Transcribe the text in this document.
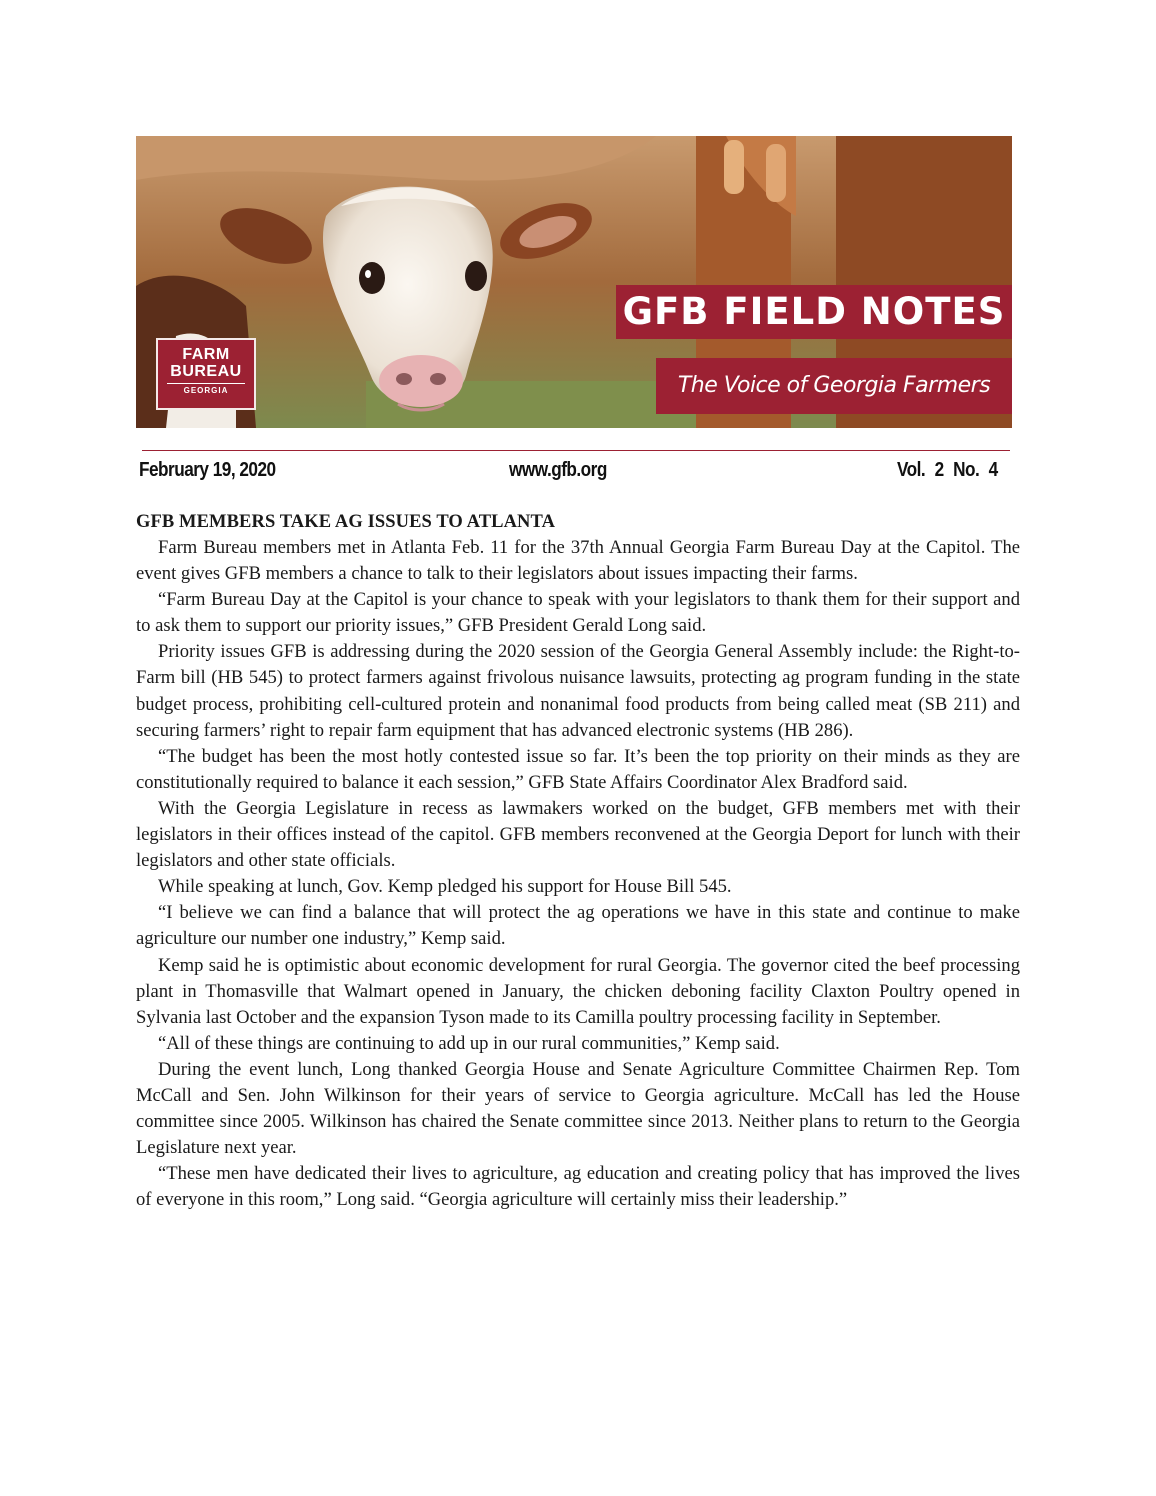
FARM
BUREAU
GEORGIA
GFB FIELD NOTES
The Voice of Georgia Farmers
February 19, 2020	www.gfb.org	Vol. 2 No. 4
GFB MEMBERS TAKE AG ISSUES TO ATLANTA

Farm Bureau members met in Atlanta Feb. 11 for the 37th Annual Georgia Farm Bureau Day at the Capitol. The event gives GFB members a chance to talk to their legislators about issues impacting their farms.

“Farm Bureau Day at the Capitol is your chance to speak with your legislators to thank them for their support and to ask them to support our priority issues,” GFB President Gerald Long said.

Priority issues GFB is addressing during the 2020 session of the Georgia General Assembly include: the Right-to-Farm bill (HB 545) to protect farmers against frivolous nuisance lawsuits, protecting ag program funding in the state budget process, prohibiting cell-cultured protein and nonanimal food products from being called meat (SB 211) and securing farmers’ right to repair farm equipment that has advanced electronic systems (HB 286).

“The budget has been the most hotly contested issue so far. It’s been the top priority on their minds as they are constitutionally required to balance it each session,” GFB State Affairs Coordinator Alex Bradford said.

With the Georgia Legislature in recess as lawmakers worked on the budget, GFB members met with their legislators in their offices instead of the capitol. GFB members reconvened at the Georgia Deport for lunch with their legislators and other state officials.

While speaking at lunch, Gov. Kemp pledged his support for House Bill 545.

“I believe we can find a balance that will protect the ag operations we have in this state and continue to make agriculture our number one industry,” Kemp said.

Kemp said he is optimistic about economic development for rural Georgia. The governor cited the beef processing plant in Thomasville that Walmart opened in January, the chicken deboning facility Claxton Poultry opened in Sylvania last October and the expansion Tyson made to its Camilla poultry processing facility in September.

“All of these things are continuing to add up in our rural communities,” Kemp said.

During the event lunch, Long thanked Georgia House and Senate Agriculture Committee Chairmen Rep. Tom McCall and Sen. John Wilkinson for their years of service to Georgia agriculture. McCall has led the House committee since 2005. Wilkinson has chaired the Senate committee since 2013. Neither plans to return to the Georgia Legislature next year.

“These men have dedicated their lives to agriculture, ag education and creating policy that has improved the lives of everyone in this room,” Long said. “Georgia agriculture will certainly miss their leadership.”
